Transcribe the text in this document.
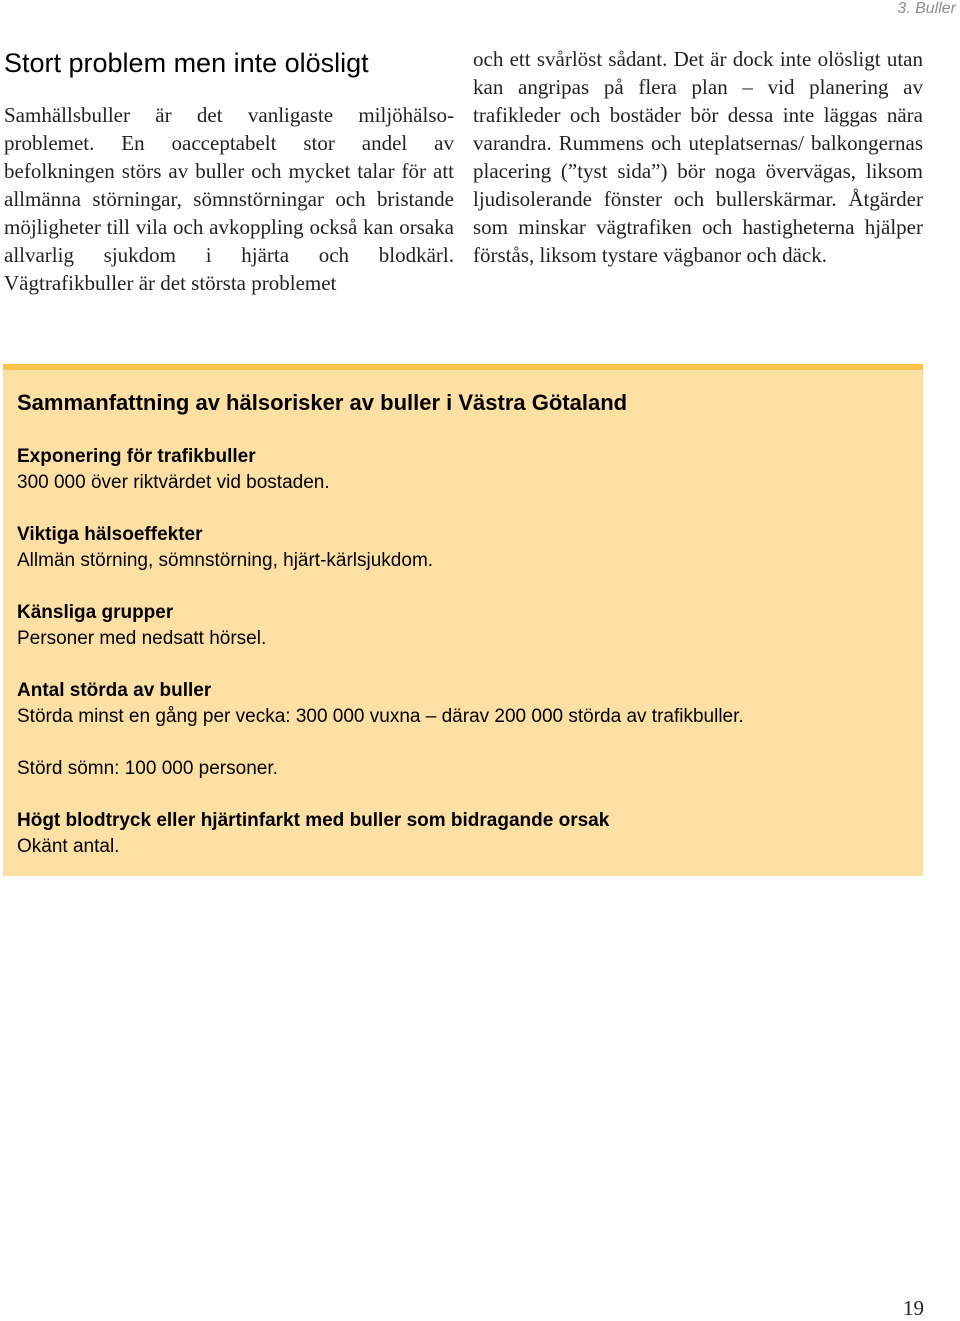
3. Buller

Stort problem men inte olösligt

Samhällsbuller är det vanligaste miljöhälsoproblemet. En oacceptabelt stor andel av befolkningen störs av buller och mycket talar för att allmänna störningar, sömnstörningar och bristande möjligheter till vila och avkoppling också kan orsaka allvarlig sjukdom i hjärta och blodkärl. Vägtrafikbuller är det största problemet

och ett svårlöst sådant. Det är dock inte olösligt utan kan angripas på flera plan – vid planering av trafikleder och bostäder bör dessa inte läggas nära varandra. Rummens och uteplatsernas/ balkongernas placering (”tyst sida”) bör noga övervägas, liksom ljudisolerande fönster och bullerskärmar. Åtgärder som minskar vägtrafiken och hastigheterna hjälper förstås, liksom tystare vägbanor och däck.

Sammanfattning av hälsorisker av buller i Västra Götaland
Exponering för trafikbuller
300 000 över riktvärdet vid bostaden.
Viktiga hälsoeffekter
Allmän störning, sömnstörning, hjärt-kärlsjukdom.
Känsliga grupper
Personer med nedsatt hörsel.
Antal störda av buller
Störda minst en gång per vecka: 300 000 vuxna – därav 200 000 störda av trafikbuller.
Störd sömn: 100 000 personer.
Högt blodtryck eller hjärtinfarkt med buller som bidragande orsak
Okänt antal.

19
